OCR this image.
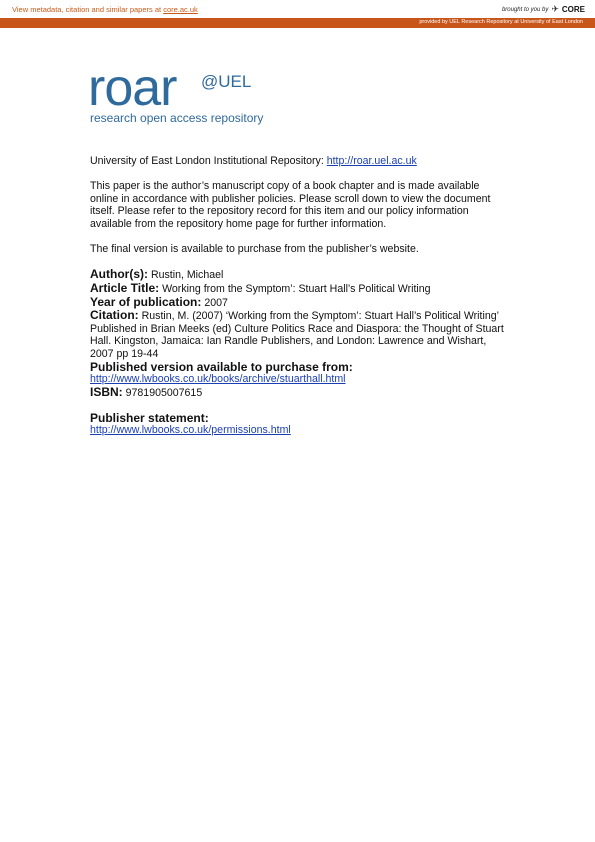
View metadata, citation and similar papers at core.ac.uk	brought to you by ✈ CORE
provided by UEL Research Repository at University of East London
roar @UEL
research open access repository

University of East London Institutional Repository: http://roar.uel.ac.uk

This paper is the author’s manuscript copy of a book chapter and is made available online in accordance with publisher policies. Please scroll down to view the document itself. Please refer to the repository record for this item and our policy information available from the repository home page for further information.

The final version is available to purchase from the publisher’s website.

Author(s): Rustin, Michael

Article Title: Working from the Symptom’: Stuart Hall’s Political Writing

Year of publication: 2007

Citation: Rustin, M. (2007) ‘Working from the Symptom’: Stuart Hall’s Political Writing’ Published in Brian Meeks (ed) Culture Politics Race and Diaspora: the Thought of Stuart Hall. Kingston, Jamaica: Ian Randle Publishers, and London: Lawrence and Wishart, 2007 pp 19-44

Published version available to purchase from:

http://www.lwbooks.co.uk/books/archive/stuarthall.html

ISBN: 9781905007615

Publisher statement:

http://www.lwbooks.co.uk/permissions.html
